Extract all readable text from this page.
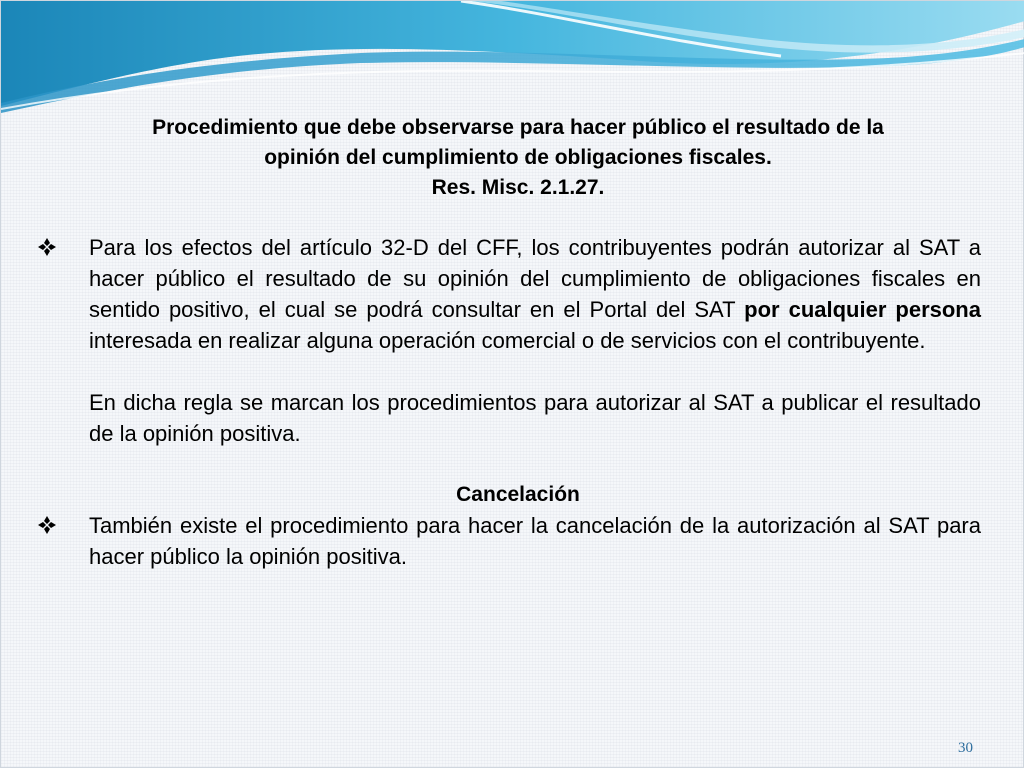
Procedimiento que debe observarse para hacer público el resultado de la
opinión del cumplimiento de obligaciones fiscales.
Res. Misc. 2.1.27.
Para los efectos del artículo 32-D del CFF, los contribuyentes podrán autorizar al SAT a hacer público el resultado de su opinión del cumplimiento de obligaciones fiscales en sentido positivo, el cual se podrá consultar en el Portal del SAT por cualquier persona interesada en realizar alguna operación comercial o de servicios con el contribuyente.
En dicha regla se marcan los procedimientos para autorizar al SAT a publicar el resultado de la opinión positiva.
Cancelación
También existe el procedimiento para hacer la cancelación de la autorización al SAT para hacer público la opinión positiva.
30
